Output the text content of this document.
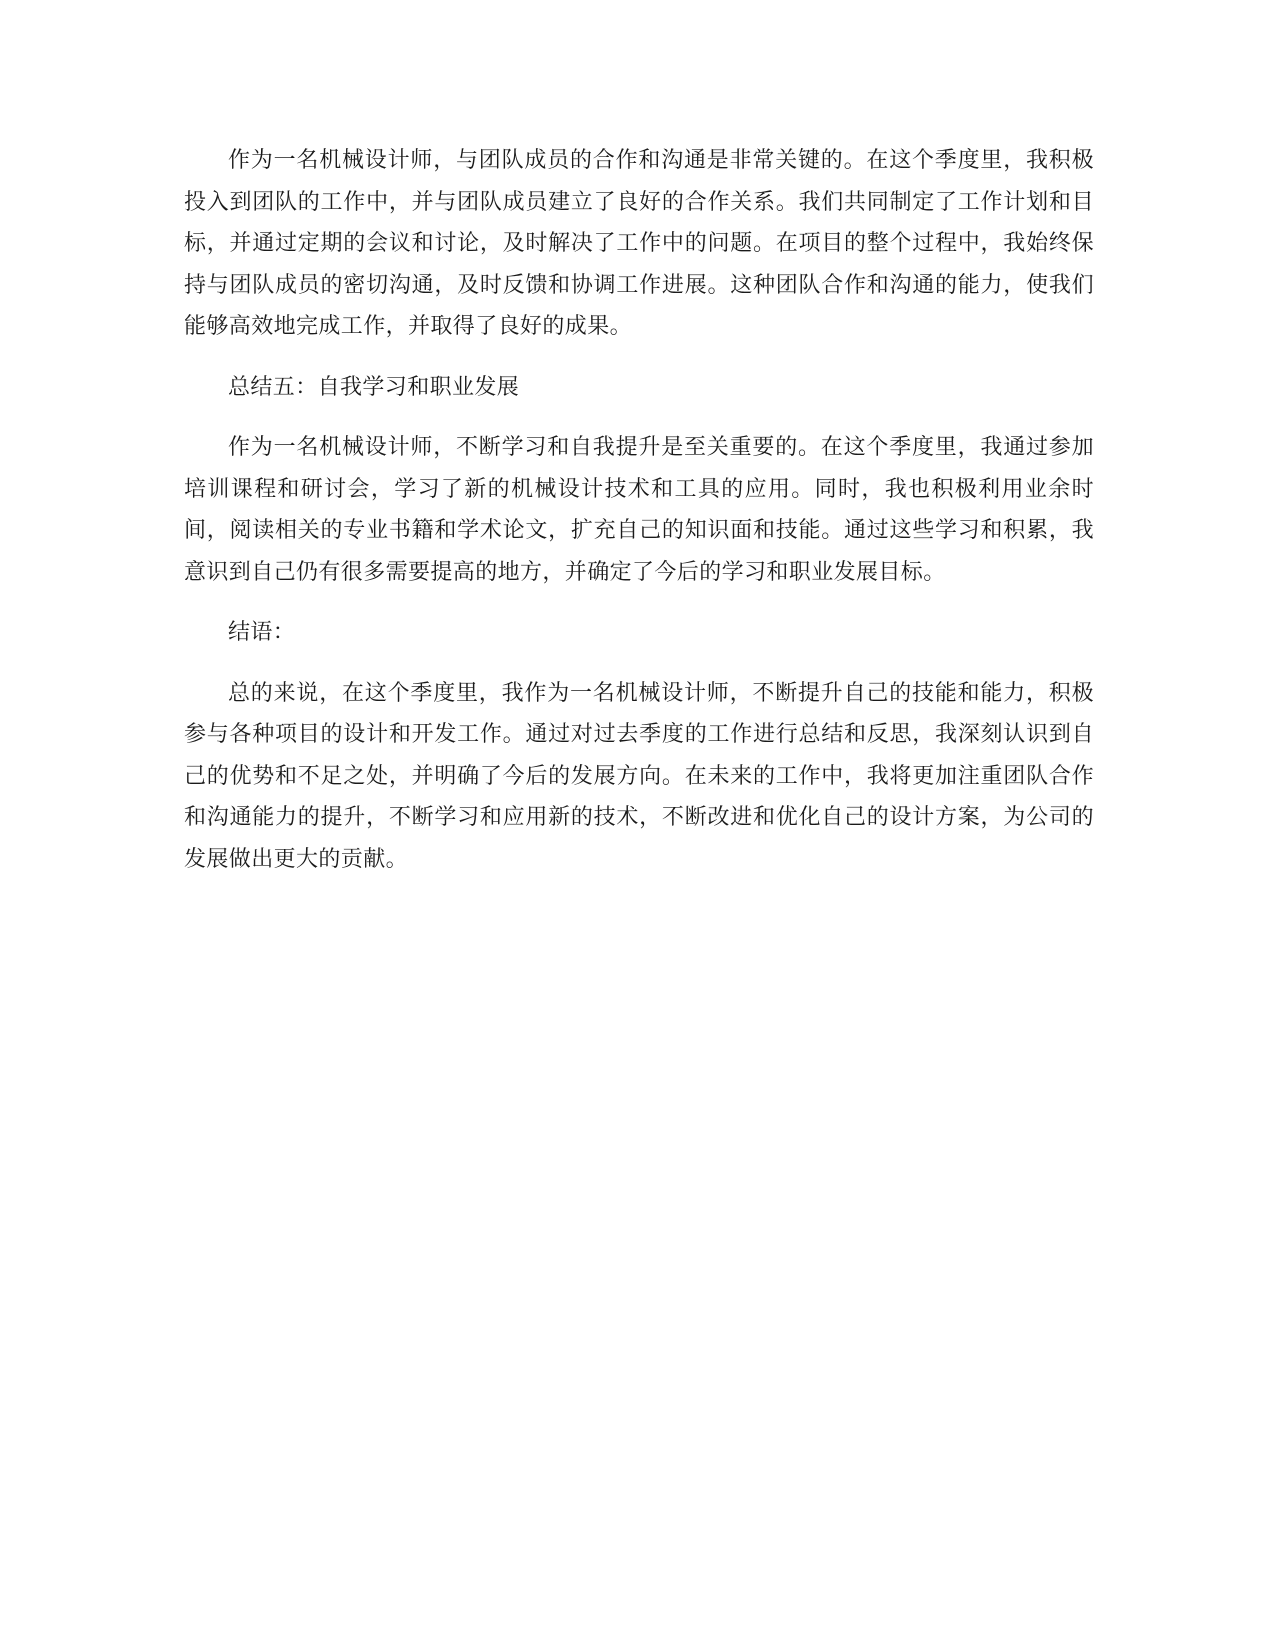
作为一名机械设计师，与团队成员的合作和沟通是非常关键的。在这个季度里，我积极投入到团队的工作中，并与团队成员建立了良好的合作关系。我们共同制定了工作计划和目标，并通过定期的会议和讨论，及时解决了工作中的问题。在项目的整个过程中，我始终保持与团队成员的密切沟通，及时反馈和协调工作进展。这种团队合作和沟通的能力，使我们能够高效地完成工作，并取得了良好的成果。

总结五：自我学习和职业发展

作为一名机械设计师，不断学习和自我提升是至关重要的。在这个季度里，我通过参加培训课程和研讨会，学习了新的机械设计技术和工具的应用。同时，我也积极利用业余时间，阅读相关的专业书籍和学术论文，扩充自己的知识面和技能。通过这些学习和积累，我意识到自己仍有很多需要提高的地方，并确定了今后的学习和职业发展目标。

结语：

总的来说，在这个季度里，我作为一名机械设计师，不断提升自己的技能和能力，积极参与各种项目的设计和开发工作。通过对过去季度的工作进行总结和反思，我深刻认识到自己的优势和不足之处，并明确了今后的发展方向。在未来的工作中，我将更加注重团队合作和沟通能力的提升，不断学习和应用新的技术，不断改进和优化自己的设计方案，为公司的发展做出更大的贡献。
